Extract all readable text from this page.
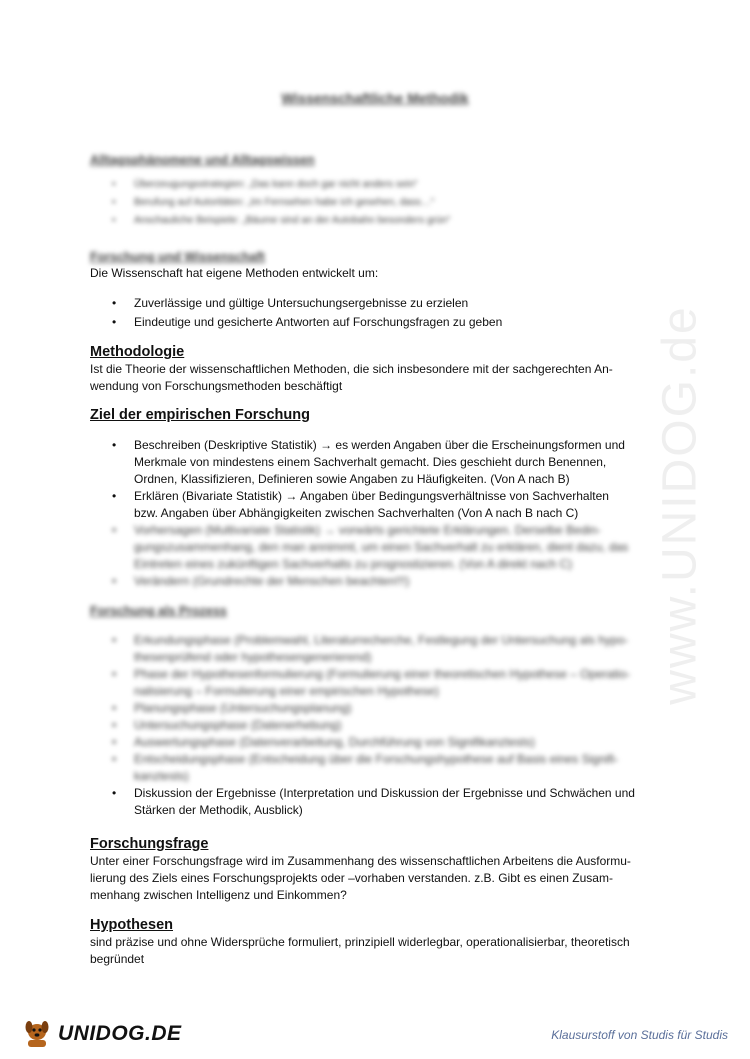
www.UNIDOG.de
Wissenschaftliche Methodik

Alltagsphänomene und Alltagswissen

• Überzeugungsstrategien: „Das kann doch gar nicht anders sein“
• Berufung auf Autoritäten: „Im Fernsehen habe ich gesehen, dass…“
• Anschauliche Beispiele: „Bäume sind an der Autobahn besonders grün“

Forschung und Wissenschaft

Die Wissenschaft hat eigene Methoden entwickelt um:

• Zuverlässige und gültige Untersuchungsergebnisse zu erzielen
• Eindeutige und gesicherte Antworten auf Forschungsfragen zu geben

Methodologie

Ist die Theorie der wissenschaftlichen Methoden, die sich insbesondere mit der sachgerechten An-

wendung von Forschungsmethoden beschäftigt

Ziel der empirischen Forschung

• Beschreiben (Deskriptive Statistik) → es werden Angaben über die Erscheinungsformen und
Merkmale von mindestens einem Sachverhalt gemacht. Dies geschieht durch Benennen,
Ordnen, Klassifizieren, Definieren sowie Angaben zu Häufigkeiten. (Von A nach B)
• Erklären (Bivariate Statistik) → Angaben über Bedingungsverhältnisse von Sachverhalten
bzw. Angaben über Abhängigkeiten zwischen Sachverhalten (Von A nach B nach C)
• Vorhersagen (Multivariate Statistik) → vorwärts gerichtete Erklärungen. Derselbe Bedin-
gungszusammenhang, den man annimmt, um einen Sachverhalt zu erklären, dient dazu, das
Eintreten eines zukünftigen Sachverhalts zu prognostizieren. (Von A direkt nach C)
• Verändern (Grundrechte der Menschen beachten!!!)

Forschung als Prozess

• Erkundungsphase (Problemwahl, Literaturrecherche, Festlegung der Untersuchung als hypo-
thesenprüfend oder hypothesengenerierend)
• Phase der Hypothesenformulierung (Formulierung einer theoretischen Hypothese – Operatio-
nalisierung – Formulierung einer empirischen Hypothese)
• Planungsphase (Untersuchungsplanung)
• Untersuchungsphase (Datenerhebung)
• Auswertungsphase (Datenverarbeitung, Durchführung von Signifikanztests)
• Entscheidungsphase (Entscheidung über die Forschungshypothese auf Basis eines Signifi-
kanztests)
• Diskussion der Ergebnisse (Interpretation und Diskussion der Ergebnisse und Schwächen und
Stärken der Methodik, Ausblick)

Forschungsfrage

Unter einer Forschungsfrage wird im Zusammenhang des wissenschaftlichen Arbeitens die Ausformu-

lierung des Ziels eines Forschungsprojekts oder –vorhaben verstanden. z.B. Gibt es einen Zusam-

menhang zwischen Intelligenz und Einkommen?

Hypothesen

sind präzise und ohne Widersprüche formuliert, prinzipiell widerlegbar, operationalisierbar, theoretisch

begründet

UNIDOG.DE	Klausurstoff von Studis für Studis
